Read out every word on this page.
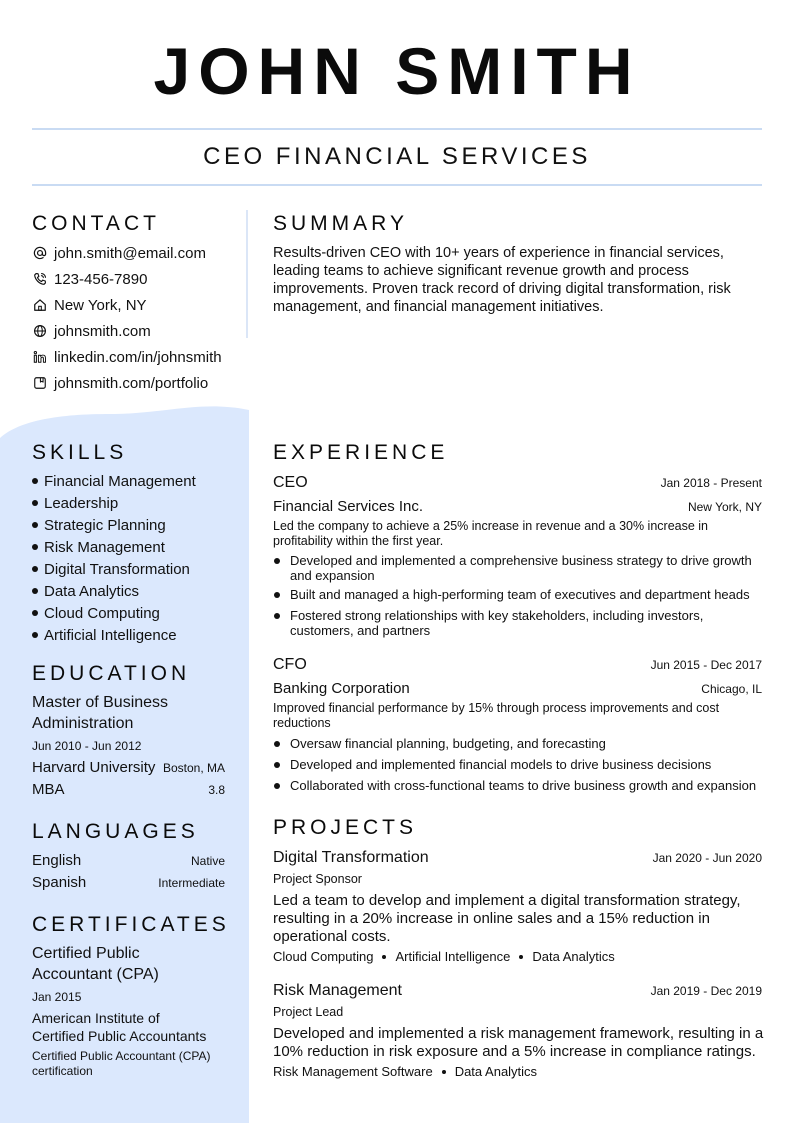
JOHN SMITH
CEO FINANCIAL SERVICES
CONTACT
john.smith@email.com
123-456-7890
New York, NY
johnsmith.com
linkedin.com/in/johnsmith
johnsmith.com/portfolio
SKILLS
Financial Management
Leadership
Strategic Planning
Risk Management
Digital Transformation
Data Analytics
Cloud Computing
Artificial Intelligence
EDUCATION
Master of Business
Administration
Jun 2010 - Jun 2012
Harvard University Boston, MA
MBA	3.8
LANGUAGES
English	Native
Spanish	Intermediate
CERTIFICATES
Certified Public
Accountant (CPA)
Jan 2015
American Institute of
Certified Public Accountants
Certified Public Accountant (CPA)
certification
SUMMARY
Results-driven CEO with 10+ years of experience in financial services,
leading teams to achieve significant revenue growth and process
improvements. Proven track record of driving digital transformation, risk
management, and financial management initiatives.
EXPERIENCE
CEO	Jan 2018 - Present
Financial Services Inc.	New York, NY
Led the company to achieve a 25% increase in revenue and a 30% increase in
profitability within the first year.
Developed and implemented a comprehensive business strategy to drive growth
and expansion
Built and managed a high-performing team of executives and department heads
Fostered strong relationships with key stakeholders, including investors,
customers, and partners
CFO	Jun 2015 - Dec 2017
Banking Corporation	Chicago, IL
Improved financial performance by 15% through process improvements and cost
reductions
Oversaw financial planning, budgeting, and forecasting
Developed and implemented financial models to drive business decisions
Collaborated with cross-functional teams to drive business growth and expansion
PROJECTS
Digital Transformation	Jan 2020 - Jun 2020
Project Sponsor
Led a team to develop and implement a digital transformation strategy,
resulting in a 20% increase in online sales and a 15% reduction in
operational costs.
Cloud Computing Artificial Intelligence Data Analytics
Risk Management	Jan 2019 - Dec 2019
Project Lead
Developed and implemented a risk management framework, resulting in a
10% reduction in risk exposure and a 5% increase in compliance ratings.
Risk Management Software Data Analytics
